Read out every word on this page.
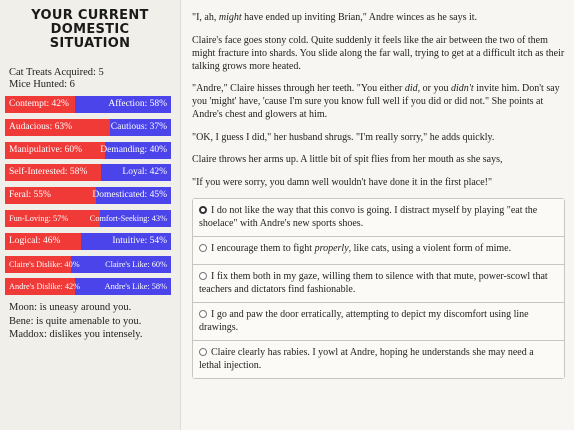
YOUR CURRENT DOMESTIC
SITUATION
Cat Treats Acquired: 5
Mice Hunted: 6
Contempt: 42%	Affection: 58%
Audacious: 63%	Cautious: 37%
Manipulative: 60% Demanding: 40%
Self-Interested: 58%	Loyal: 42%
Feral: 55%	Domesticated: 45%
Fun-Loving: 57%	Comfort-Seeking: 43%
Logical: 46%	Intuitive: 54%
Claire's Dislike: 40%	Claire's Like: 60%
Andre's Dislike: 42%	Andre's Like: 58%
Moon: is uneasy around you.
Bene: is quite amenable to you.
Maddox: dislikes you intensely.

"I, ah, might have ended up inviting Brian," Andre winces as he says it.

Claire's face goes stony cold. Quite suddenly it feels like the air between the two of them might fracture into shards. You slide along the far wall, trying to get at a difficult itch as their talking grows more heated.

"Andre," Claire hisses through her teeth. "You either did, or you didn't invite him. Don't say you 'might' have, 'cause I'm sure you know full well if you did or did not." She points at Andre's chest and glowers at him.

"OK, I guess I did," her husband shrugs. "I'm really sorry," he adds quickly.

Claire throws her arms up. A little bit of spit flies from her mouth as she says,

"If you were sorry, you damn well wouldn't have done it in the first place!"

I do not like the way that this convo is going. I distract myself by playing "eat the shoelace" with Andre's new sports shoes.
I encourage them to fight properly, like cats, using a violent form of mime.
I fix them both in my gaze, willing them to silence with that mute, power-scowl that teachers and dictators find fashionable.
I go and paw the door erratically, attempting to depict my discomfort using line drawings.
Claire clearly has rabies. I yowl at Andre, hoping he understands she may need a lethal injection.
